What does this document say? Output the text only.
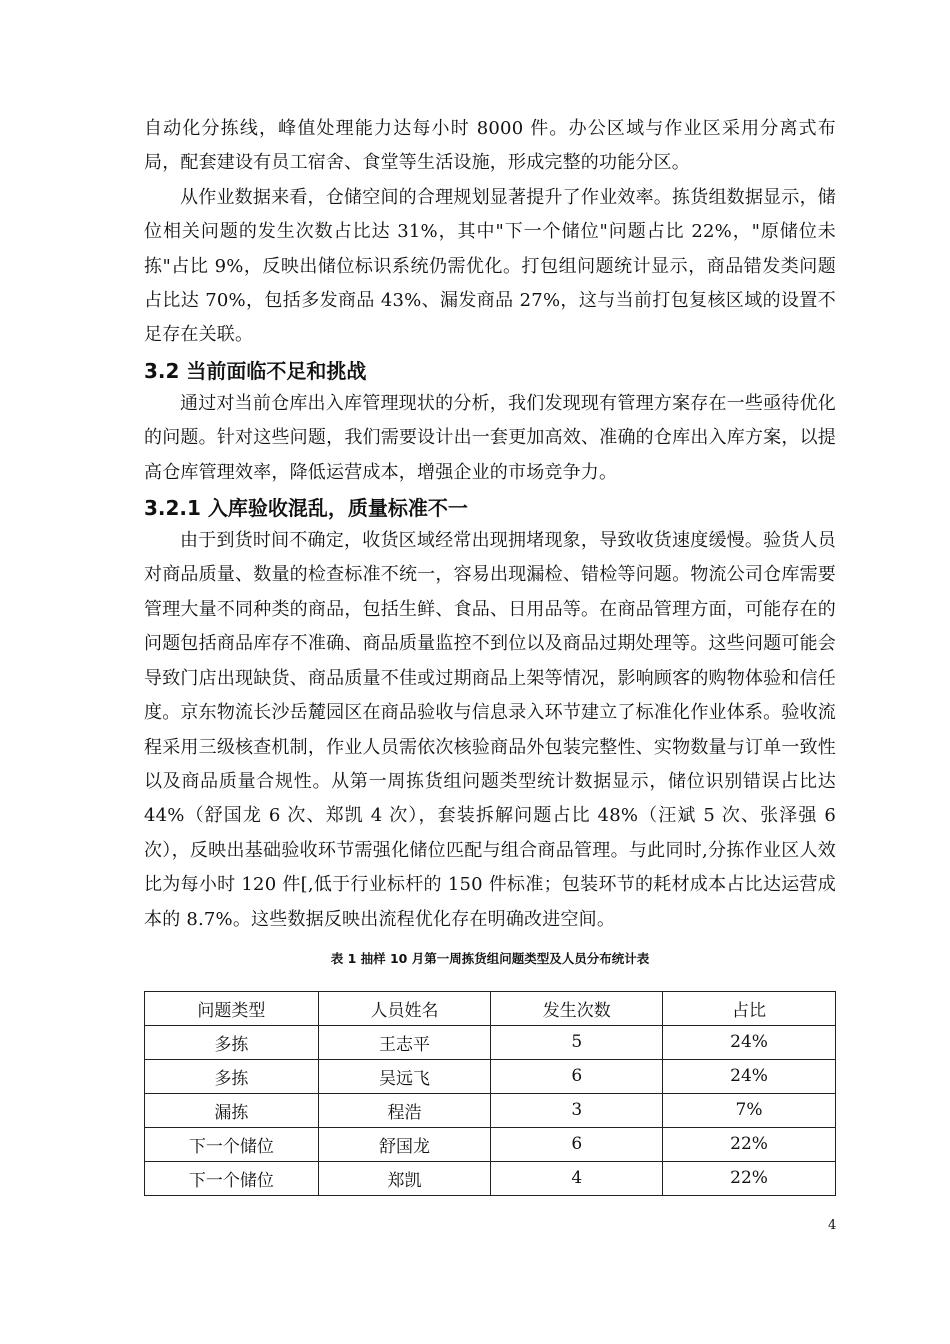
自动化分拣线，峰值处理能力达每小时 8000 件。办公区域与作业区采用分离式布局，配套建设有员工宿舍、食堂等生活设施，形成完整的功能分区。

从作业数据来看，仓储空间的合理规划显著提升了作业效率。拣货组数据显示，储位相关问题的发生次数占比达 31%，其中"下一个储位"问题占比 22%，"原储位未拣"占比 9%，反映出储位标识系统仍需优化。打包组问题统计显示，商品错发类问题占比达 70%，包括多发商品 43%、漏发商品 27%，这与当前打包复核区域的设置不足存在关联。

3.2 当前面临不足和挑战

通过对当前仓库出入库管理现状的分析，我们发现现有管理方案存在一些亟待优化的问题。针对这些问题，我们需要设计出一套更加高效、准确的仓库出入库方案，以提高仓库管理效率，降低运营成本，增强企业的市场竞争力。

3.2.1 入库验收混乱，质量标准不一

由于到货时间不确定，收货区域经常出现拥堵现象，导致收货速度缓慢。验货人员对商品质量、数量的检查标准不统一，容易出现漏检、错检等问题。物流公司仓库需要管理大量不同种类的商品，包括生鲜、食品、日用品等。在商品管理方面，可能存在的问题包括商品库存不准确、商品质量监控不到位以及商品过期处理等。这些问题可能会导致门店出现缺货、商品质量不佳或过期商品上架等情况，影响顾客的购物体验和信任度。京东物流长沙岳麓园区在商品验收与信息录入环节建立了标准化作业体系。验收流程采用三级核查机制，作业人员需依次核验商品外包装完整性、实物数量与订单一致性以及商品质量合规性。从第一周拣货组问题类型统计数据显示，储位识别错误占比达 44%（舒国龙 6 次、郑凯 4 次），套装拆解问题占比 48%（汪斌 5 次、张泽强 6 次），反映出基础验收环节需强化储位匹配与组合商品管理。与此同时,分拣作业区人效比为每小时 120 件[,低于行业标杆的 150 件标准；包装环节的耗材成本占比达运营成本的 8.7%。这些数据反映出流程优化存在明确改进空间。

表 1 抽样 10 月第一周拣货组问题类型及人员分布统计表
问题类型	人员姓名	发生次数	占比
多拣	王志平	5	24%
多拣	吴远飞	6	24%
漏拣	程浩	3	7%
下一个储位	舒国龙	6	22%
下一个储位	郑凯	4	22%
4
